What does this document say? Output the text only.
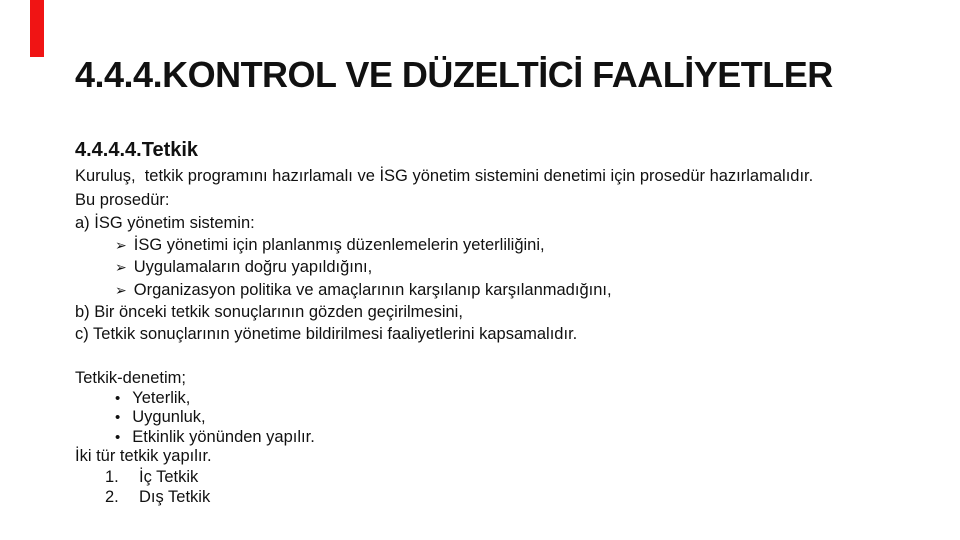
4.4.4.KONTROL VE DÜZELTİCİ FAALİYETLER
4.4.4.4.Tetkik

Kuruluş,  tetkik programını hazırlamalı ve İSG yönetim sistemini denetimi için prosedür hazırlamalıdır.

Bu prosedür:

a) İSG yönetim sistemin:

➢ İSG yönetimi için planlanmış düzenlemelerin yeterliliğini,
➢ Uygulamaların doğru yapıldığını,
➢ Organizasyon politika ve amaçlarının karşılanıp karşılanmadığını,

b) Bir önceki tetkik sonuçlarının gözden geçirilmesini,

c) Tetkik sonuçlarının yönetime bildirilmesi faaliyetlerini kapsamalıdır.

Tetkik-denetim;

• Yeterlik,
• Uygunluk,
• Etkinlik yönünden yapılır.

İki tür tetkik yapılır.

1.	İç Tetkik
2.	Dış Tetkik
